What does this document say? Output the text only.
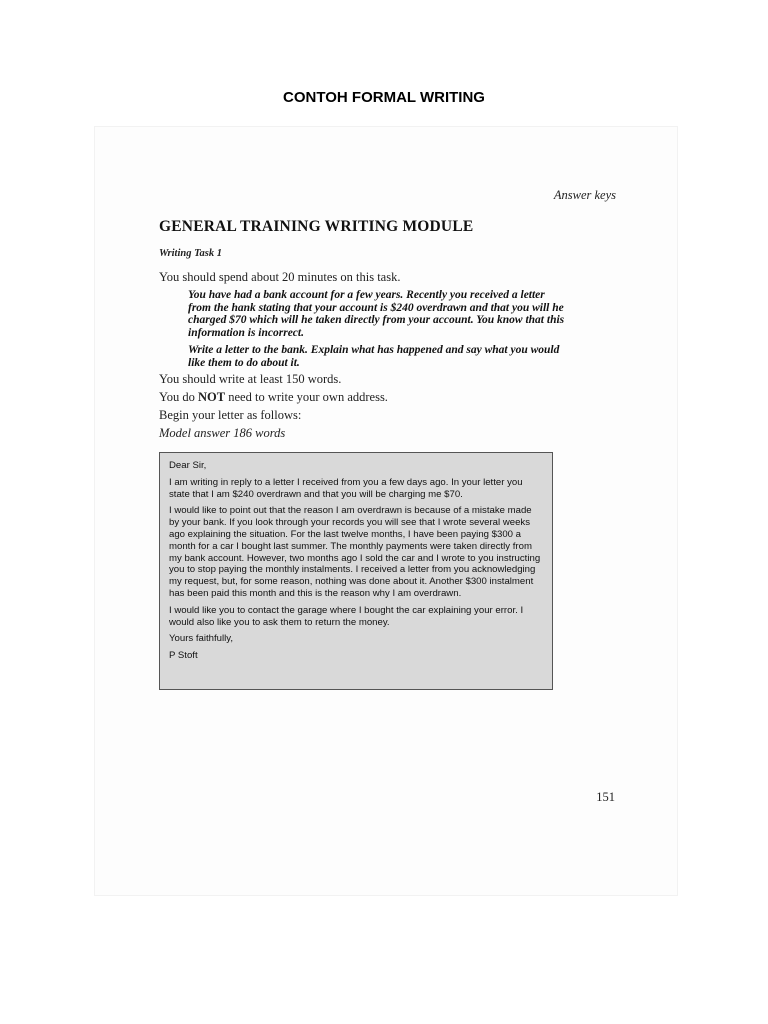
CONTOH FORMAL WRITING
Answer keys
GENERAL TRAINING WRITING MODULE
Writing Task 1
You should spend about 20 minutes on this task.
You have had a bank account for a few years. Recently you received a letter from the hank stating that your account is $240 overdrawn and that you will he charged $70 which will he taken directly from your account. You know that this information is incorrect.
Write a letter to the bank. Explain what has happened and say what you would like them to do about it.
You should write at least 150 words.
You do NOT need to write your own address.
Begin your letter as follows:
Model answer 186 words

Dear Sir,

I am writing in reply to a letter I received from you a few days ago. In your letter you state that I am $240 overdrawn and that you will be charging me $70.

I would like to point out that the reason I am overdrawn is because of a mistake made by your bank. If you look through your records you will see that I wrote several weeks ago explaining the situation. For the last twelve months, I have been paying $300 a month for a car I bought last summer. The monthly payments were taken directly from my bank account. However, two months ago I sold the car and I wrote to you instructing you to stop paying the monthly instalments. I received a letter from you acknowledging my request, but, for some reason, nothing was done about it. Another $300 instalment has been paid this month and this is the reason why I am overdrawn.

I would like you to contact the garage where I bought the car explaining your error. I would also like you to ask them to return the money.

Yours faithfully,

P Stoft

151
